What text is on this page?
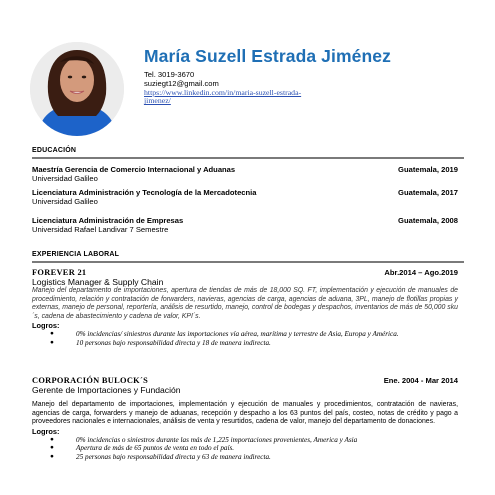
María Suzell Estrada Jiménez
Tel. 3019-3670
suziegt12@gmail.com
https://www.linkedin.com/in/maria-suzell-estrada-jimenez/
EDUCACIÓN
Maestría Gerencia de Comercio Internacional y Aduanas	Guatemala, 2019
Universidad Galileo
Licenciatura Administración y Tecnología de la Mercadotecnia	Guatemala, 2017
Universidad Galileo
Licenciatura Administración de Empresas	Guatemala, 2008
Universidad Rafael Landivar 7 Semestre
EXPERIENCIA LABORAL
FOREVER 21	Abr.2014 – Ago.2019
Logistics Manager & Supply Chain
Manejo del departamento de importaciones, apertura de tiendas de más de 18,000 SQ. FT, implementación y ejecución de manuales de procedimiento, relación y contratación de forwarders, navieras, agencias de carga, agencias de aduana, 3PL, manejo de flotillas propias y externas, manejo de personal, reportería, análisis de resurtido, manejo, control de bodegas y despachos, inventarios de más de 50,000 sku´s, cadena de abastecimiento y cadena de valor, KPI´s.
Logros:
●	0% incidencias/ siniestros durante las importaciones vía aérea, marítima y terrestre de Asia, Europa y América.
●	10 personas bajo responsabilidad directa y 18 de manera indirecta.
CORPORACIÓN BULOCK´S	Ene. 2004 - Mar 2014
Gerente de Importaciones y Fundación
Manejo del departamento de importaciones, implementación y ejecución de manuales y procedimientos, contratación de navieras, agencias de carga, forwarders y manejo de aduanas, recepción y despacho a los 63 puntos del país, costeo, notas de crédito y pago a proveedores nacionales e internacionales, análisis de venta y resurtidos, cadena de valor, manejo del departamento de donaciones.
Logros:
●	0% incidencias o siniestros durante las más de 1,225 importaciones provenientes, America y Asia
●	Apertura de más de 65 puntos de venta en todo el país.
●	25 personas bajo responsabilidad directa y 63 de manera indirecta.
